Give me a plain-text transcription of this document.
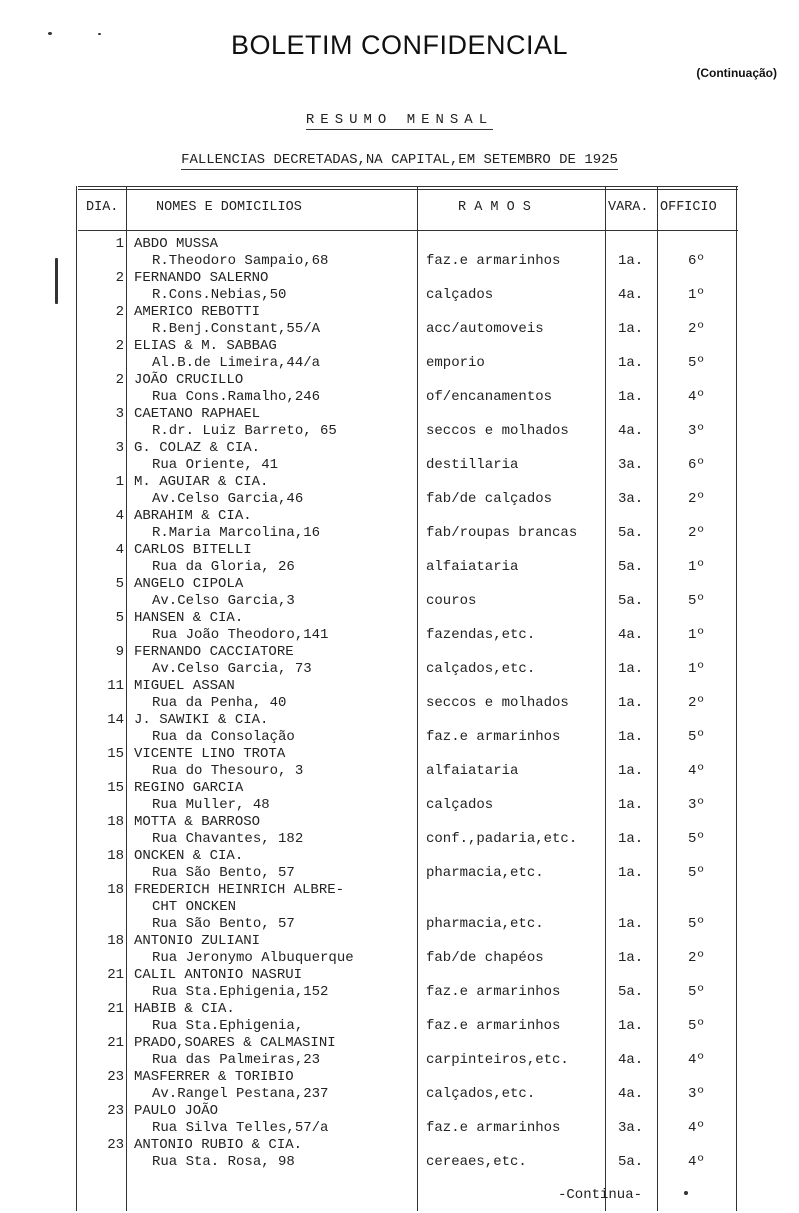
BOLETIM CONFIDENCIAL
(Continuação)
RESUMO MENSAL
FALLENCIAS DECRETADAS,NA CAPITAL,EM SETEMBRO DE 1925
DIA.	NOMES E DOMICILIOS	R A M O S	VARA. OFFICIO
1 ABDO MUSSA
R.Theodoro Sampaio,68	faz.e armarinhos	1a.	6º
2 FERNANDO SALERNO
R.Cons.Nebias,50	calçados	4a.	1º
2 AMERICO REBOTTI
R.Benj.Constant,55/A	acc/automoveis	1a.	2º
2 ELIAS & M. SABBAG
Al.B.de Limeira,44/a	emporio	1a.	5º
2 JOÃO CRUCILLO
Rua Cons.Ramalho,246	of/encanamentos	1a.	4º
3 CAETANO RAPHAEL
R.dr. Luiz Barreto, 65	seccos e molhados	4a.	3º
3 G. COLAZ & CIA.
Rua Oriente, 41	destillaria	3a.	6º
1 M. AGUIAR & CIA.
Av.Celso Garcia,46	fab/de calçados	3a.	2º
4 ABRAHIM & CIA.
R.Maria Marcolina,16	fab/roupas brancas	5a.	2º
4 CARLOS BITELLI
Rua da Gloria, 26	alfaiataria	5a.	1º
5 ANGELO CIPOLA
Av.Celso Garcia,3	couros	5a.	5º
5 HANSEN & CIA.
Rua João Theodoro,141	fazendas,etc.	4a.	1º
9 FERNANDO CACCIATORE
Av.Celso Garcia, 73	calçados,etc.	1a.	1º
11 MIGUEL ASSAN
Rua da Penha, 40	seccos e molhados	1a.	2º
14 J. SAWIKI & CIA.
Rua da Consolação	faz.e armarinhos	1a.	5º
15 VICENTE LINO TROTA
Rua do Thesouro, 3	alfaiataria	1a.	4º
15 REGINO GARCIA
Rua Muller, 48	calçados	1a.	3º
18 MOTTA & BARROSO
Rua Chavantes, 182	conf.,padaria,etc.	1a.	5º
18 ONCKEN & CIA.
Rua São Bento, 57	pharmacia,etc.	1a.	5º
18 FREDERICH HEINRICH ALBRE-
CHT ONCKEN
Rua São Bento, 57	pharmacia,etc.	1a.	5º
18 ANTONIO ZULIANI
Rua Jeronymo Albuquerque	fab/de chapéos	1a.	2º
21 CALIL ANTONIO NASRUI
Rua Sta.Ephigenia,152	faz.e armarinhos	5a.	5º
21 HABIB & CIA.
Rua Sta.Ephigenia,	faz.e armarinhos	1a.	5º
21 PRADO,SOARES & CALMASINI
Rua das Palmeiras,23	carpinteiros,etc.	4a.	4º
23 MASFERRER & TORIBIO
Av.Rangel Pestana,237	calçados,etc.	4a.	3º
23 PAULO JOÃO
Rua Silva Telles,57/a	faz.e armarinhos	3a.	4º
23 ANTONIO RUBIO & CIA.
Rua Sta. Rosa, 98	cereaes,etc.	5a.	4º
-Continua-
